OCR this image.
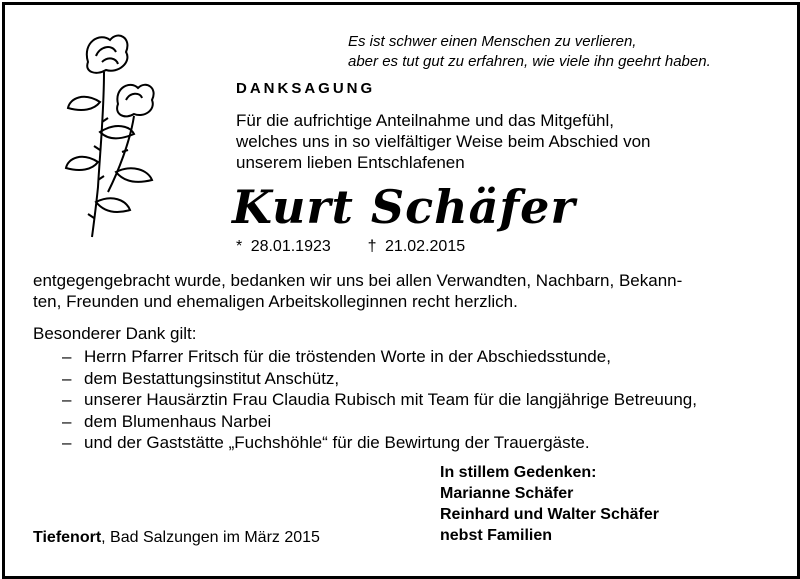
Es ist schwer einen Menschen zu verlieren,
aber es tut gut zu erfahren, wie viele ihn geehrt haben.
DANKSAGUNG
Für die aufrichtige Anteilnahme und das Mitgefühl,
welches uns in so vielfältiger Weise beim Abschied von
unserem lieben Entschlafenen
Kurt Schäfer
* 28.01.1923 † 21.02.2015
entgegengebracht wurde, bedanken wir uns bei allen Verwandten, Nachbarn, Bekann-
ten, Freunden und ehemaligen Arbeitskolleginnen recht herzlich.
Besonderer Dank gilt:
– Herrn Pfarrer Fritsch für die tröstenden Worte in der Abschiedsstunde,
– dem Bestattungsinstitut Anschütz,
– unserer Hausärztin Frau Claudia Rubisch mit Team für die langjährige Betreuung,
– dem Blumenhaus Narbei
– und der Gaststätte „Fuchshöhle“ für die Bewirtung der Trauergäste.
In stillem Gedenken:
Marianne Schäfer
Reinhard und Walter Schäfer
nebst Familien
Tiefenort, Bad Salzungen im März 2015
